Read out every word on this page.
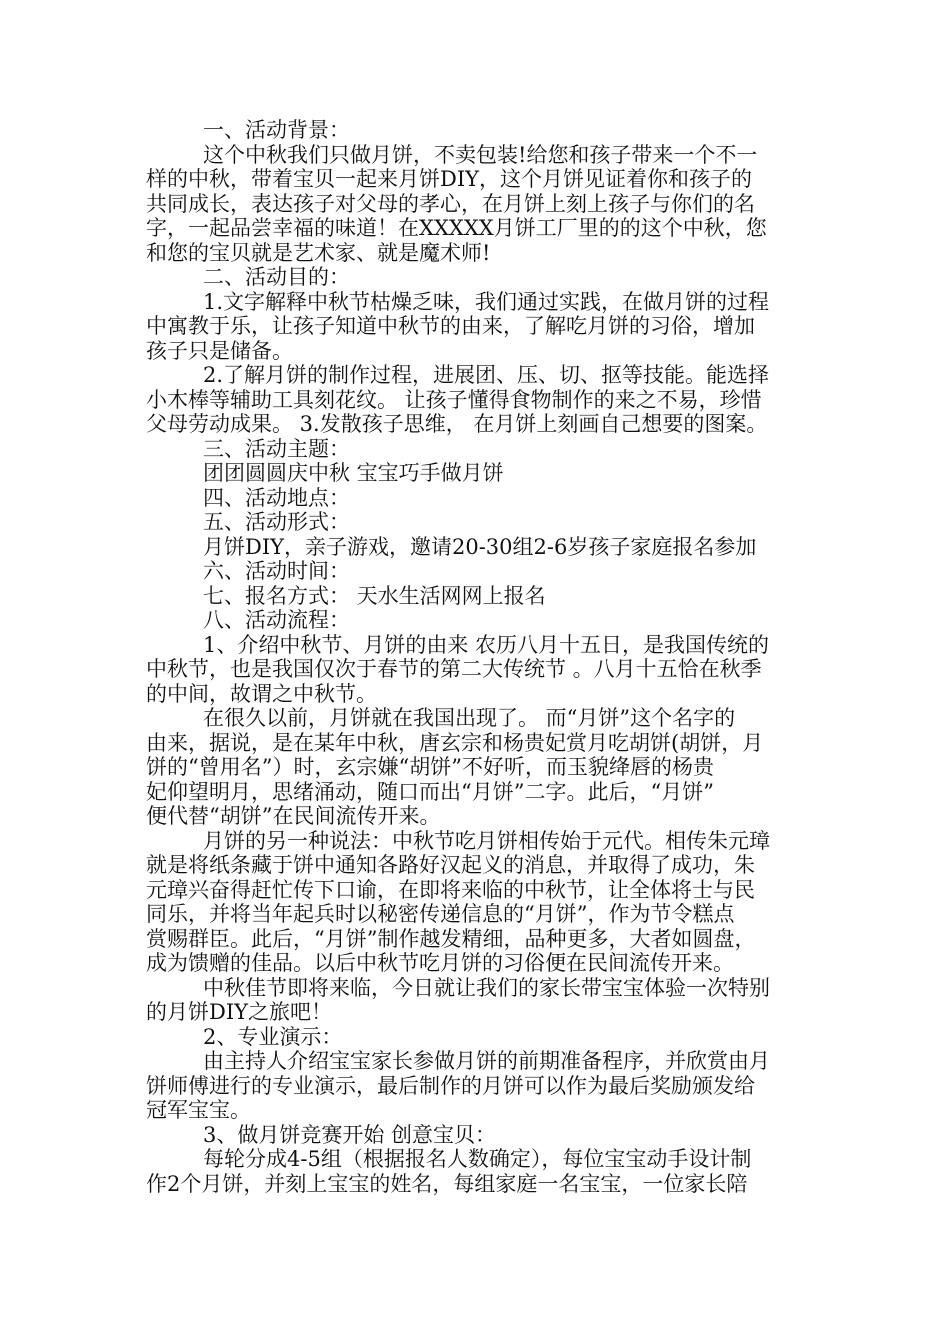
一、活动背景：
这个中秋我们只做月饼，不卖包装!给您和孩子带来一个不一
样的中秋，带着宝贝一起来月饼DIY，这个月饼见证着你和孩子的
共同成长，表达孩子对父母的孝心，在月饼上刻上孩子与你们的名
字，一起品尝幸福的味道！在XXXXX月饼工厂里的的这个中秋，您
和您的宝贝就是艺术家、就是魔术师!
二、活动目的：
1.文字解释中秋节枯燥乏味，我们通过实践，在做月饼的过程
中寓教于乐，让孩子知道中秋节的由来，了解吃月饼的习俗，增加
孩子只是储备。
2.了解月饼的制作过程，进展团、压、切、抠等技能。能选择
小木棒等辅助工具刻花纹。 让孩子懂得食物制作的来之不易，珍惜
父母劳动成果。 3.发散孩子思维， 在月饼上刻画自己想要的图案。
三、活动主题：
团团圆圆庆中秋 宝宝巧手做月饼
四、活动地点：
五、活动形式：
月饼DIY，亲子游戏，邀请20-30组2-6岁孩子家庭报名参加
六、活动时间：
七、报名方式： 天水生活网网上报名
八、活动流程：
1、介绍中秋节、月饼的由来 农历八月十五日，是我国传统的
中秋节，也是我国仅次于春节的第二大传统节 。八月十五恰在秋季
的中间，故谓之中秋节。
在很久以前，月饼就在我国出现了。 而“月饼”这个名字的
由来，据说，是在某年中秋，唐玄宗和杨贵妃赏月吃胡饼(胡饼，月
饼的“曾用名”）时，玄宗嫌“胡饼”不好听，而玉貌绛唇的杨贵
妃仰望明月，思绪涌动，随口而出“月饼”二字。此后，“月饼”
便代替“胡饼”在民间流传开来。
月饼的另一种说法：中秋节吃月饼相传始于元代。相传朱元璋
就是将纸条藏于饼中通知各路好汉起义的消息，并取得了成功，朱
元璋兴奋得赶忙传下口谕，在即将来临的中秋节，让全体将士与民
同乐，并将当年起兵时以秘密传递信息的“月饼”，作为节令糕点
赏赐群臣。此后，“月饼”制作越发精细，品种更多，大者如圆盘，
成为馈赠的佳品。以后中秋节吃月饼的习俗便在民间流传开来。
中秋佳节即将来临，今日就让我们的家长带宝宝体验一次特别
的月饼DIY之旅吧！
2、专业演示：
由主持人介绍宝宝家长参做月饼的前期准备程序，并欣赏由月
饼师傅进行的专业演示，最后制作的月饼可以作为最后奖励颁发给
冠军宝宝。
3、做月饼竞赛开始 创意宝贝：
每轮分成4-5组（根据报名人数确定），每位宝宝动手设计制
作2个月饼，并刻上宝宝的姓名，每组家庭一名宝宝，一位家长陪
